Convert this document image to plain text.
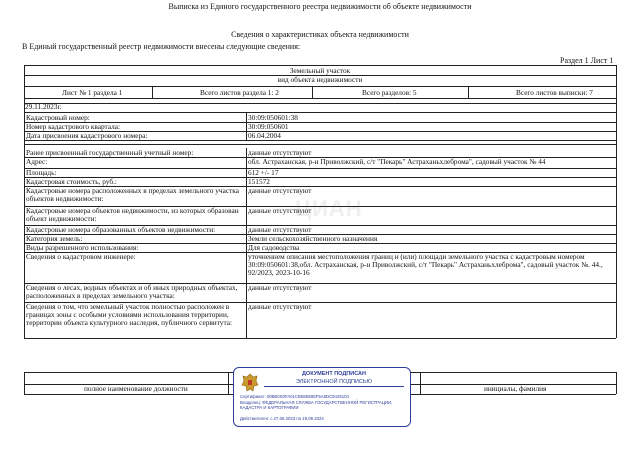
Выписка из Единого государственного реестра недвижимости об объекте недвижимости
Сведения о характеристиках объекта недвижимости
В Единый государственный реестр недвижимости внесены следующие сведения:
Раздел 1 Лист 1
Земельный участок
вид объекта недвижимости
Лист № 1 раздела 1	Всего листов раздела 1: 2	Всего разделов: 5	Всего листов выписки: 7
29.11.2023г.
Кадастровый номер:	30:09:050601:38
Номер кадастрового квартала:	30:09:050601
Дата присвоения кадастрового номера:	06.04.2004
Ранее присвоенный государственный учетный номер:	данные отсутствуют
Адрес:	обл. Астраханская, р-н Приволжский, с/т "Пекарь" Астраханьхлеброма", садовый участок № 44
Площадь:	612 +/- 17
Кадастровая стоимость, руб.:	151572
Кадастровые номера расположенных в пределах земельного участка объектов недвижимости:
данные отсутствуют
Кадастровые номера объектов недвижимости, из которых образован объект недвижимости:
данные отсутствуют
Кадастровые номера образованных объектов недвижимости:	данные отсутствуют
Категория земель:	Земли сельскохозяйственного назначения
Виды разрешенного использования:	Для садоводства
Сведения о кадастровом инженере:	уточненнем описания местоположения границ и (или) площади земельного участка с кадастровым номером 30:09:050601:38,обл. Астраханская, р-н Приволжский, с/т "Пекарь" Астраханьхлеброма", садовый участок №. 44., 92/2023, 2023-10-16
Сведения о лесах, водных объектах и об иных природных объектах, расположенных в пределах земельного участка:
данные отсутствуют
Сведения о том, что земельный участок полностью расположен в границах зоны с особыми условиями использования территории, территории объекта культурного наследия, публичного сервитута:
данные отсутствуют
полное наименование должности	инициалы, фамилия
ЦИАН
ДОКУМЕНТ ПОДПИСАН
ЭЛЕКТРОННОЙ ПОДПИСЬЮ
Сертификат: 00BB0S0FA01CB5882B5F5A5DC9425104
Владелец: ФЕДЕРАЛЬНАЯ СЛУЖБА ГОСУДАРСТВЕННОЙ РЕГИСТРАЦИИ, КАДАСТРА И КАРТОГРАФИИ
Действителен: с 27.06.2023 по 19.09.2024
